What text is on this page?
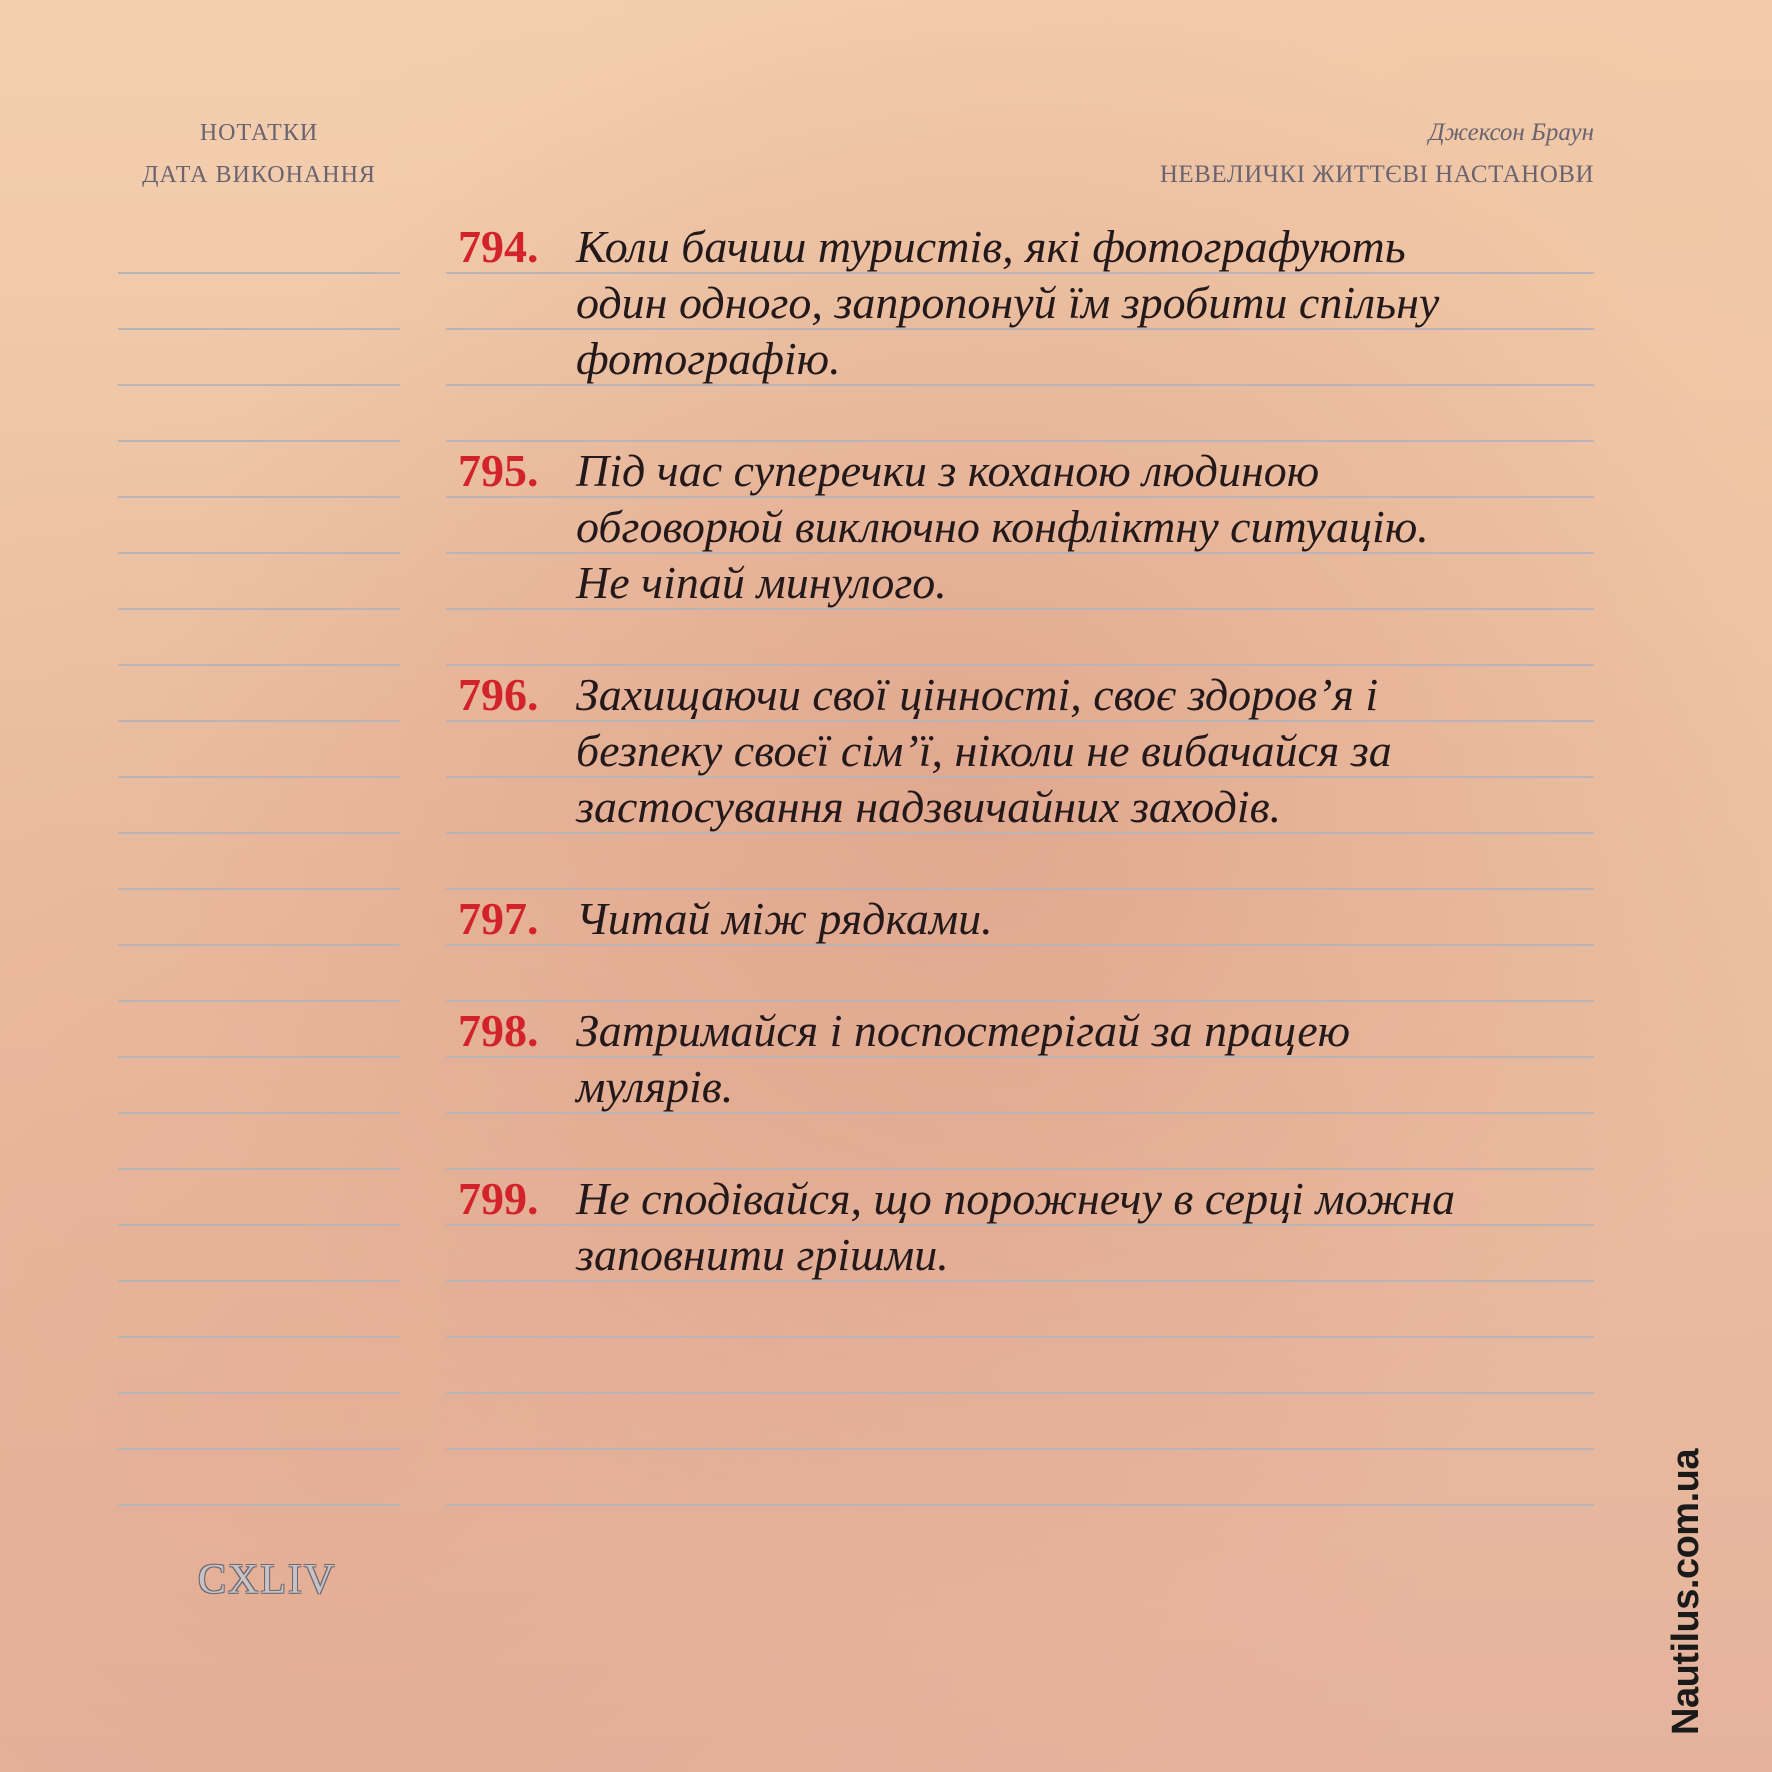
НОТАТКИ
ДАТА ВИКОНАННЯ
Джексон Браун
НЕВЕЛИЧКІ ЖИТТЄВІ НАСТАНОВИ
794. Коли бачиш туристів, які фотографують
один одного, запропонуй їм зробити спільну
фотографію.
795. Під час суперечки з коханою людиною
обговорюй виключно конфліктну ситуацію.
Не чіпай минулого.
796. Захищаючи свої цінності, своє здоров’я і
безпеку своєї сім’ї, ніколи не вибачайся за
застосування надзвичайних заходів.
797. Читай між рядками.
798. Затримайся і поспостерігай за працею
мулярів.
799. Не сподівайся, що порожнечу в серці можна
заповнити грішми.
CXLIV	Nautilus.com.ua
